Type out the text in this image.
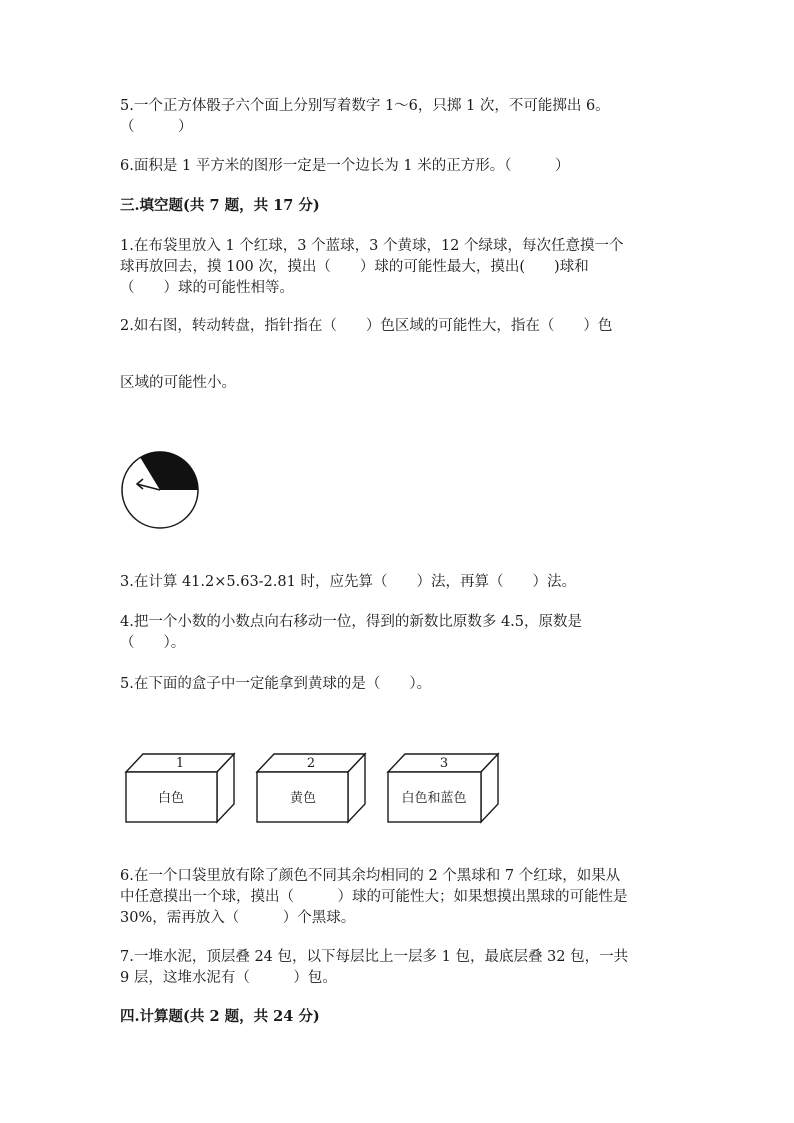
5.一个正方体骰子六个面上分别写着数字 1～6，只掷 1 次，不可能掷出 6。
（　　　）
6.面积是 1 平方米的图形一定是一个边长为 1 米的正方形。（　　　）
三.填空题(共 7 题，共 17 分)
1.在布袋里放入 1 个红球，3 个蓝球，3 个黄球，12 个绿球，每次任意摸一个
球再放回去，摸 100 次，摸出（　　）球的可能性最大，摸出(　　)球和
（　　）球的可能性相等。
2.如右图，转动转盘，指针指在（　　）色区域的可能性大，指在（　　）色
区域的可能性小。
3.在计算 41.2×5.63-2.81 时，应先算（　　）法，再算（　　）法。
4.把一个小数的小数点向右移动一位，得到的新数比原数多 4.5，原数是
（　　）。
5.在下面的盒子中一定能拿到黄球的是（　　）。
1
白色
2
黄色
3
白色和蓝色
6.在一个口袋里放有除了颜色不同其余均相同的 2 个黑球和 7 个红球，如果从
中任意摸出一个球，摸出（　　　）球的可能性大；如果想摸出黑球的可能性是
30%，需再放入（　　　）个黑球。
7.一堆水泥，顶层叠 24 包，以下每层比上一层多 1 包，最底层叠 32 包，一共
9 层，这堆水泥有（　　　）包。
四.计算题(共 2 题，共 24 分)
